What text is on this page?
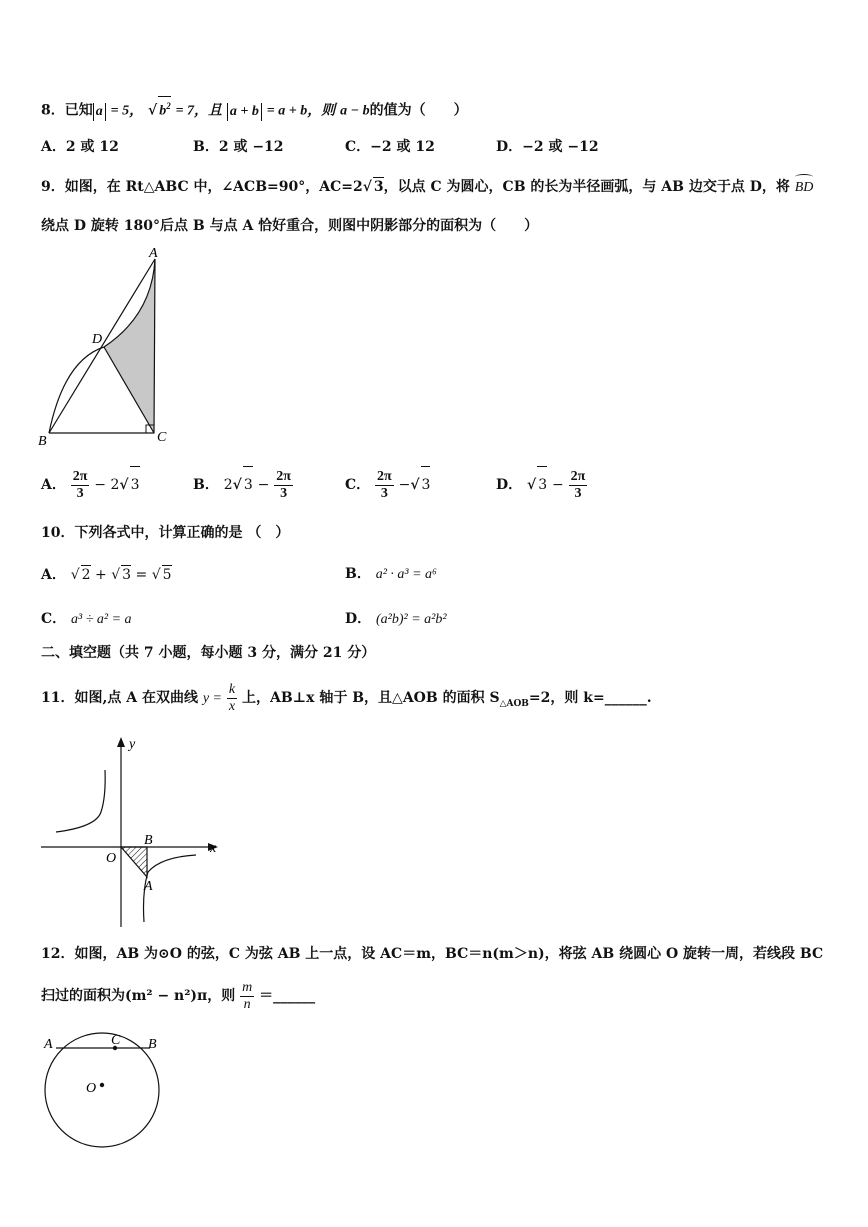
8．已知 a = 5， √ $b^2 = 7$，且 a + b = a + b，则 a − b的值为（　　）
A．2 或 12	B．2 或 −12	C．−2 或 12	D．−2 或 −12
9．如图，在 Rt△ABC 中，∠ACB=90°，AC=2√ 3，以点 C 为圆心，CB 的长为半径画弧，与 AB 边交于点 D，将 BD
绕点 D 旋转 180°后点 B 与点 A 恰好重合，则图中阴影部分的面积为（　　）
A
D
B	C
A． $\frac{2\pi}{3} - 2√$ 3	B． 2√ $3 - \frac{2\pi}{3}$	C． $\frac{2\pi}{3}$ −√ 3	D． √ $3 - \frac{2\pi}{3}$
10．下列各式中，计算正确的是 （　）
A． √ 2 + √ 3 = √ 5	B． a² · a³ = a⁶
C． a³ ÷ a² = a	D． (a²b)² = a²b²
二、填空题（共 7 小题，每小题 3 分，满分 21 分）
11．如图,点 A 在双曲线 $y = \frac{k}{x}$ 上，AB⊥x 轴于 B，且△AOB 的面积 $S_{\triangle AOB}=2$，则 k=______.
y
x
O
B
A
12．如图，AB 为⊙O 的弦，C 为弦 AB 上一点，设 AC＝m，BC＝n(m＞n)，将弦 AB 绕圆心 O 旋转一周，若线段 BC
扫过的面积为(m² − n²)π，则 $\frac{m}{n}$ ＝______
A	C B
O
